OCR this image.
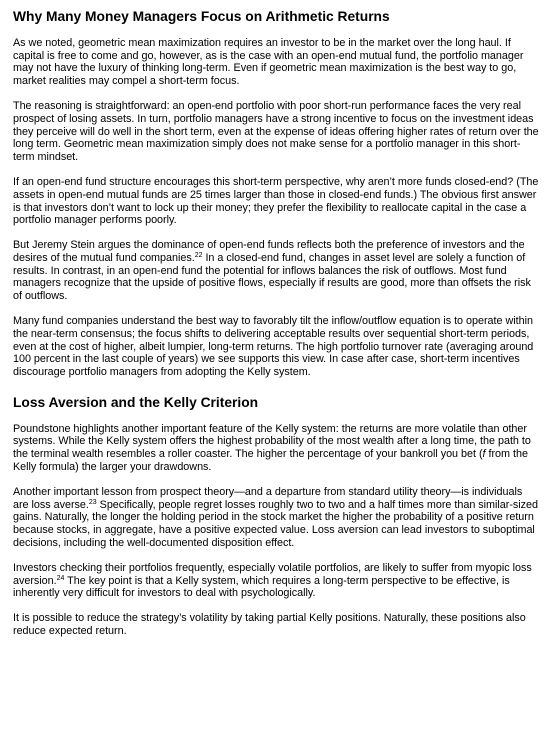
Why Many Money Managers Focus on Arithmetic Returns

As we noted, geometric mean maximization requires an investor to be in the market over the long haul. If capital is free to come and go, however, as is the case with an open-end mutual fund, the portfolio manager may not have the luxury of thinking long-term. Even if geometric mean maximization is the best way to go, market realities may compel a short-term focus.

The reasoning is straightforward: an open-end portfolio with poor short-run performance faces the very real prospect of losing assets. In turn, portfolio managers have a strong incentive to focus on the investment ideas they perceive will do well in the short term, even at the expense of ideas offering higher rates of return over the long term. Geometric mean maximization simply does not make sense for a portfolio manager in this short-term mindset.

If an open-end fund structure encourages this short-term perspective, why aren’t more funds closed-end? (The assets in open-end mutual funds are 25 times larger than those in closed-end funds.) The obvious first answer is that investors don’t want to lock up their money; they prefer the flexibility to reallocate capital in the case a portfolio manager performs poorly.

But Jeremy Stein argues the dominance of open-end funds reflects both the preference of investors and the desires of the mutual fund companies.$^{22}$ In a closed-end fund, changes in asset level are solely a function of results. In contrast, in an open-end fund the potential for inflows balances the risk of outflows. Most fund managers recognize that the upside of positive flows, especially if results are good, more than offsets the risk of outflows.

Many fund companies understand the best way to favorably tilt the inflow/outflow equation is to operate within the near-term consensus; the focus shifts to delivering acceptable results over sequential short-term periods, even at the cost of higher, albeit lumpier, long-term returns. The high portfolio turnover rate (averaging around 100 percent in the last couple of years) we see supports this view. In case after case, short-term incentives discourage portfolio managers from adopting the Kelly system.

Loss Aversion and the Kelly Criterion

Poundstone highlights another important feature of the Kelly system: the returns are more volatile than other systems. While the Kelly system offers the highest probability of the most wealth after a long time, the path to the terminal wealth resembles a roller coaster. The higher the percentage of your bankroll you bet (f from the Kelly formula) the larger your drawdowns.

Another important lesson from prospect theory—and a departure from standard utility theory—is individuals are loss averse.$^{23}$ Specifically, people regret losses roughly two to two and a half times more than similar-sized gains. Naturally, the longer the holding period in the stock market the higher the probability of a positive return because stocks, in aggregate, have a positive expected value. Loss aversion can lead investors to suboptimal decisions, including the well-documented disposition effect.

Investors checking their portfolios frequently, especially volatile portfolios, are likely to suffer from myopic loss aversion.$^{24}$ The key point is that a Kelly system, which requires a long-term perspective to be effective, is inherently very difficult for investors to deal with psychologically.

It is possible to reduce the strategy’s volatility by taking partial Kelly positions. Naturally, these positions also reduce expected return.
